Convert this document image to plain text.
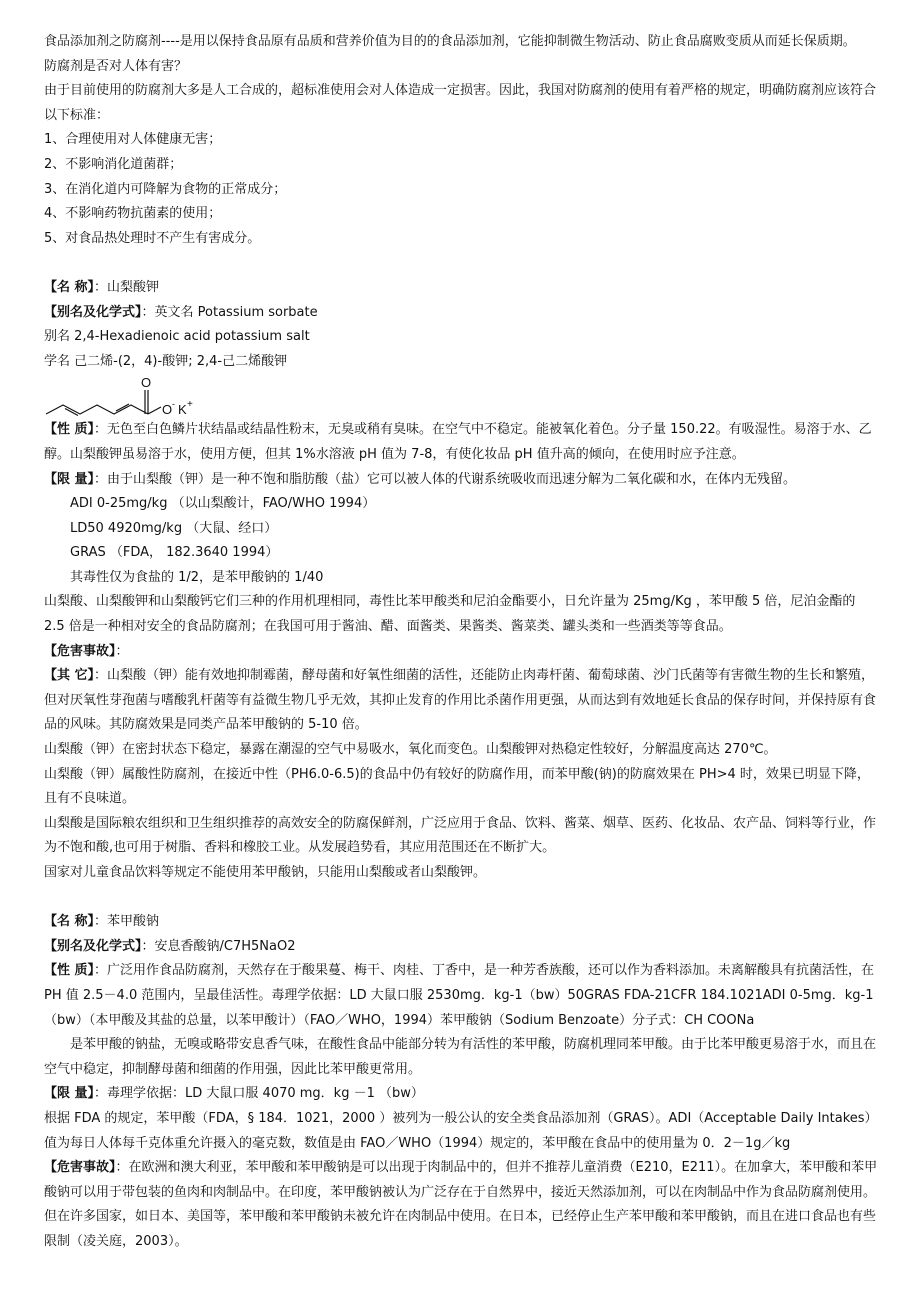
食品添加剂之防腐剂----是用以保持食品原有品质和营养价值为目的的食品添加剂，它能抑制微生物活动、防止食品腐败变质从而延长保质期。

防腐剂是否对人体有害？

由于目前使用的防腐剂大多是人工合成的，超标准使用会对人体造成一定损害。因此，我国对防腐剂的使用有着严格的规定，明确防腐剂应该符合以下标准：

1、合理使用对人体健康无害；

2、不影响消化道菌群；

3、在消化道内可降解为食物的正常成分；

4、不影响药物抗菌素的使用；

5、对食品热处理时不产生有害成分。

【名 称】：山梨酸钾

【别名及化学式】：英文名 Potassium sorbate

别名 2,4-Hexadienoic acid potassium salt

学名 己二烯-(2，4)-酸钾; 2,4-己二烯酸钾

O
O - K +

【性 质】：无色至白色鳞片状结晶或结晶性粉末，无臭或稍有臭味。在空气中不稳定。能被氧化着色。分子量 150.22。有吸湿性。易溶于水、乙醇。山梨酸钾虽易溶于水，使用方便，但其 1%水溶液 pH 值为 7-8，有使化妆品 pH 值升高的倾向，在使用时应予注意。

【限 量】：由于山梨酸（钾）是一种不饱和脂肪酸（盐）它可以被人体的代谢系统吸收而迅速分解为二氧化碳和水，在体内无残留。

ADI 0-25mg/kg （以山梨酸计，FAO/WHO 1994）

LD50 4920mg/kg （大鼠、经口）

GRAS （FDA， 182.3640 1994）

其毒性仅为食盐的 1/2，是苯甲酸钠的 1/40

山梨酸、山梨酸钾和山梨酸钙它们三种的作用机理相同，毒性比苯甲酸类和尼泊金酯要小，日允许量为 25mg/Kg ，苯甲酸 5 倍，尼泊金酯的 2.5 倍是一种相对安全的食品防腐剂；在我国可用于酱油、醋、面酱类、果酱类、酱菜类、罐头类和一些酒类等等食品。

【危害事故】：

【其 它】：山梨酸（钾）能有效地抑制霉菌，酵母菌和好氧性细菌的活性，还能防止肉毒杆菌、葡萄球菌、沙门氏菌等有害微生物的生长和繁殖，但对厌氧性芽孢菌与嗜酸乳杆菌等有益微生物几乎无效，其抑止发育的作用比杀菌作用更强，从而达到有效地延长食品的保存时间，并保持原有食品的风味。其防腐效果是同类产品苯甲酸钠的 5-10 倍。

山梨酸（钾）在密封状态下稳定，暴露在潮湿的空气中易吸水，氧化而变色。山梨酸钾对热稳定性较好，分解温度高达 270℃。

山梨酸（钾）属酸性防腐剂，在接近中性（PH6.0-6.5)的食品中仍有较好的防腐作用，而苯甲酸(钠)的防腐效果在 PH>4 时，效果已明显下降，且有不良味道。

山梨酸是国际粮农组织和卫生组织推荐的高效安全的防腐保鲜剂，广泛应用于食品、饮料、酱菜、烟草、医药、化妆品、农产品、饲料等行业，作为不饱和酸,也可用于树脂、香料和橡胶工业。从发展趋势看，其应用范围还在不断扩大。

国家对儿童食品饮料等规定不能使用苯甲酸钠，只能用山梨酸或者山梨酸钾。

【名 称】：苯甲酸钠

【别名及化学式】：安息香酸钠/C7H5NaO2

【性 质】：广泛用作食品防腐剂，天然存在于酸果蔓、梅干、肉桂、丁香中，是一种芳香族酸，还可以作为香料添加。未离解酸具有抗菌活性，在 PH 值 2.5－4.0 范围内，呈最佳活性。毒理学依据：LD 大鼠口服 2530mg．kg-1（bw）50GRAS FDA-21CFR 184.1021ADI 0-5mg．kg-1（bw）（本甲酸及其盐的总量，以苯甲酸计）（FAO／WHO，1994）苯甲酸钠（Sodium Benzoate）分子式：CH COONa

是苯甲酸的钠盐，无嗅或略带安息香气味，在酸性食品中能部分转为有活性的苯甲酸，防腐机理同苯甲酸。由于比苯甲酸更易溶于水，而且在空气中稳定，抑制酵母菌和细菌的作用强，因此比苯甲酸更常用。

【限 量】：毒理学依据：LD 大鼠口服 4070 mg．kg －1 （bw）

根据 FDA 的规定，苯甲酸（FDA，§ 184．1021，2000 ）被列为一般公认的安全类食品添加剂（GRAS）。ADI（Acceptable Daily Intakes）值为每日人体每千克体重允许摄入的毫克数，数值是由 FAO／WHO（1994）规定的，苯甲酸在食品中的使用量为 0．2－1g／kg

【危害事故】：在欧洲和澳大利亚，苯甲酸和苯甲酸钠是可以出现于肉制品中的，但并不推荐儿童消费（E210，E211）。在加拿大，苯甲酸和苯甲酸钠可以用于带包装的鱼肉和肉制品中。在印度，苯甲酸钠被认为广泛存在于自然界中，接近天然添加剂，可以在肉制品中作为食品防腐剂使用。但在许多国家，如日本、美国等，苯甲酸和苯甲酸钠未被允许在肉制品中使用。在日本，已经停止生产苯甲酸和苯甲酸钠，而且在进口食品也有些限制（凌关庭，2003）。
